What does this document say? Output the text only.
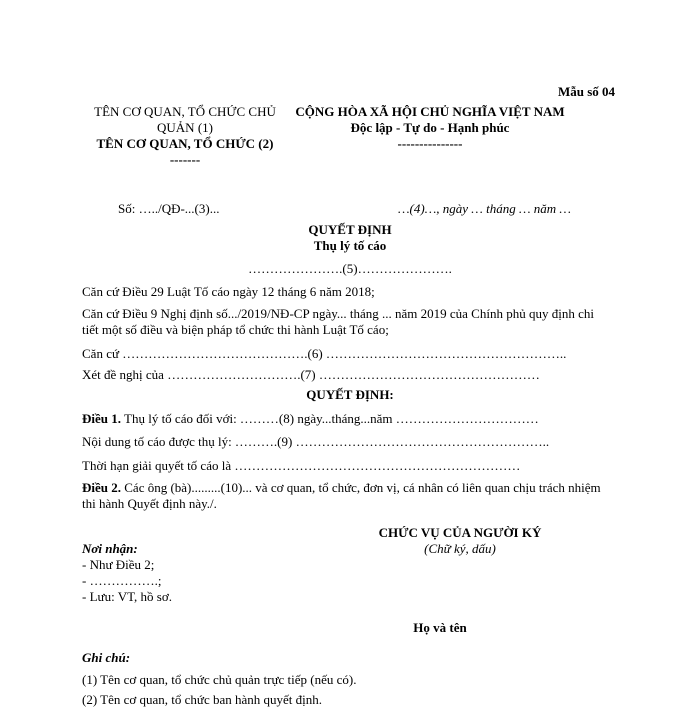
Mẫu số 04
TÊN CƠ QUAN, TỔ CHỨC CHỦ QUẢN (1)
TÊN CƠ QUAN, TỔ CHỨC (2)
-------
CỘNG HÒA XÃ HỘI CHỦ NGHĨA VIỆT NAM
Độc lập - Tự do - Hạnh phúc
---------------
Số: …../QĐ-...(3)...	…(4)…, ngày … tháng … năm …
QUYẾT ĐỊNH
Thụ lý tố cáo
………………….(5)………………….
Căn cứ Điều 29 Luật Tố cáo ngày 12 tháng 6 năm 2018;
Căn cứ Điều 9 Nghị định số.../2019/NĐ-CP ngày... tháng ... năm 2019 của Chính phủ quy định chi tiết một số điều và biện pháp tổ chức thi hành Luật Tố cáo;
Căn cứ …………………………………….(6) ………………………………………………..
Xét đề nghị của ………………………….(7) ……………………………………………
QUYẾT ĐỊNH:
Điều 1. Thụ lý tố cáo đối với: ………(8) ngày...tháng...năm ……………………………
Nội dung tố cáo được thụ lý: ……….(9) …………………………………………………..
Thời hạn giải quyết tố cáo là …………………………………………………………
Điều 2. Các ông (bà).........(10)... và cơ quan, tổ chức, đơn vị, cá nhân có liên quan chịu trách nhiệm thi hành Quyết định này./.
CHỨC VỤ CỦA NGƯỜI KÝ
(Chữ ký, dấu)
Nơi nhận:
- Như Điều 2;
- …………….;
- Lưu: VT, hồ sơ.
Họ và tên
Ghi chú:
(1) Tên cơ quan, tổ chức chủ quản trực tiếp (nếu có).
(2) Tên cơ quan, tổ chức ban hành quyết định.
